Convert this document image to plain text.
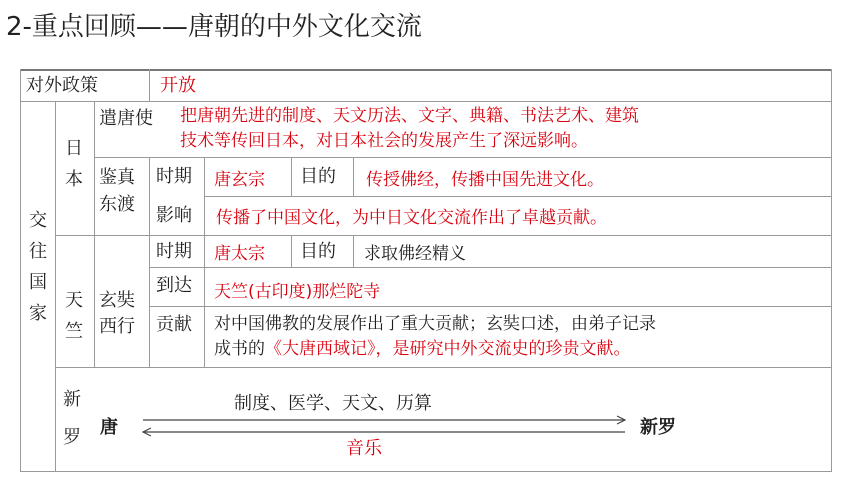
2-重点回顾——唐朝的中外文化交流
对外政策	开放
交往国家
日本
遣唐使 把唐朝先进的制度、天文历法、文字、典籍、书法艺术、建筑
技术等传回日本，对日本社会的发展产生了深远影响。
鉴真
东渡
时期 唐玄宗 目的 传授佛经，传播中国先进文化。
影响 传播了中国文化，为中日文化交流作出了卓越贡献。
天竺
玄奘
西行
时期 唐太宗 目的 求取佛经精义
到达 天竺(古印度)那烂陀寺
贡献 对中国佛教的发展作出了重大贡献；玄奘口述，由弟子记录
成书的《大唐西域记》，是研究中外交流史的珍贵文献。
新
罗
制度、医学、天文、历算
唐	新罗
音乐
